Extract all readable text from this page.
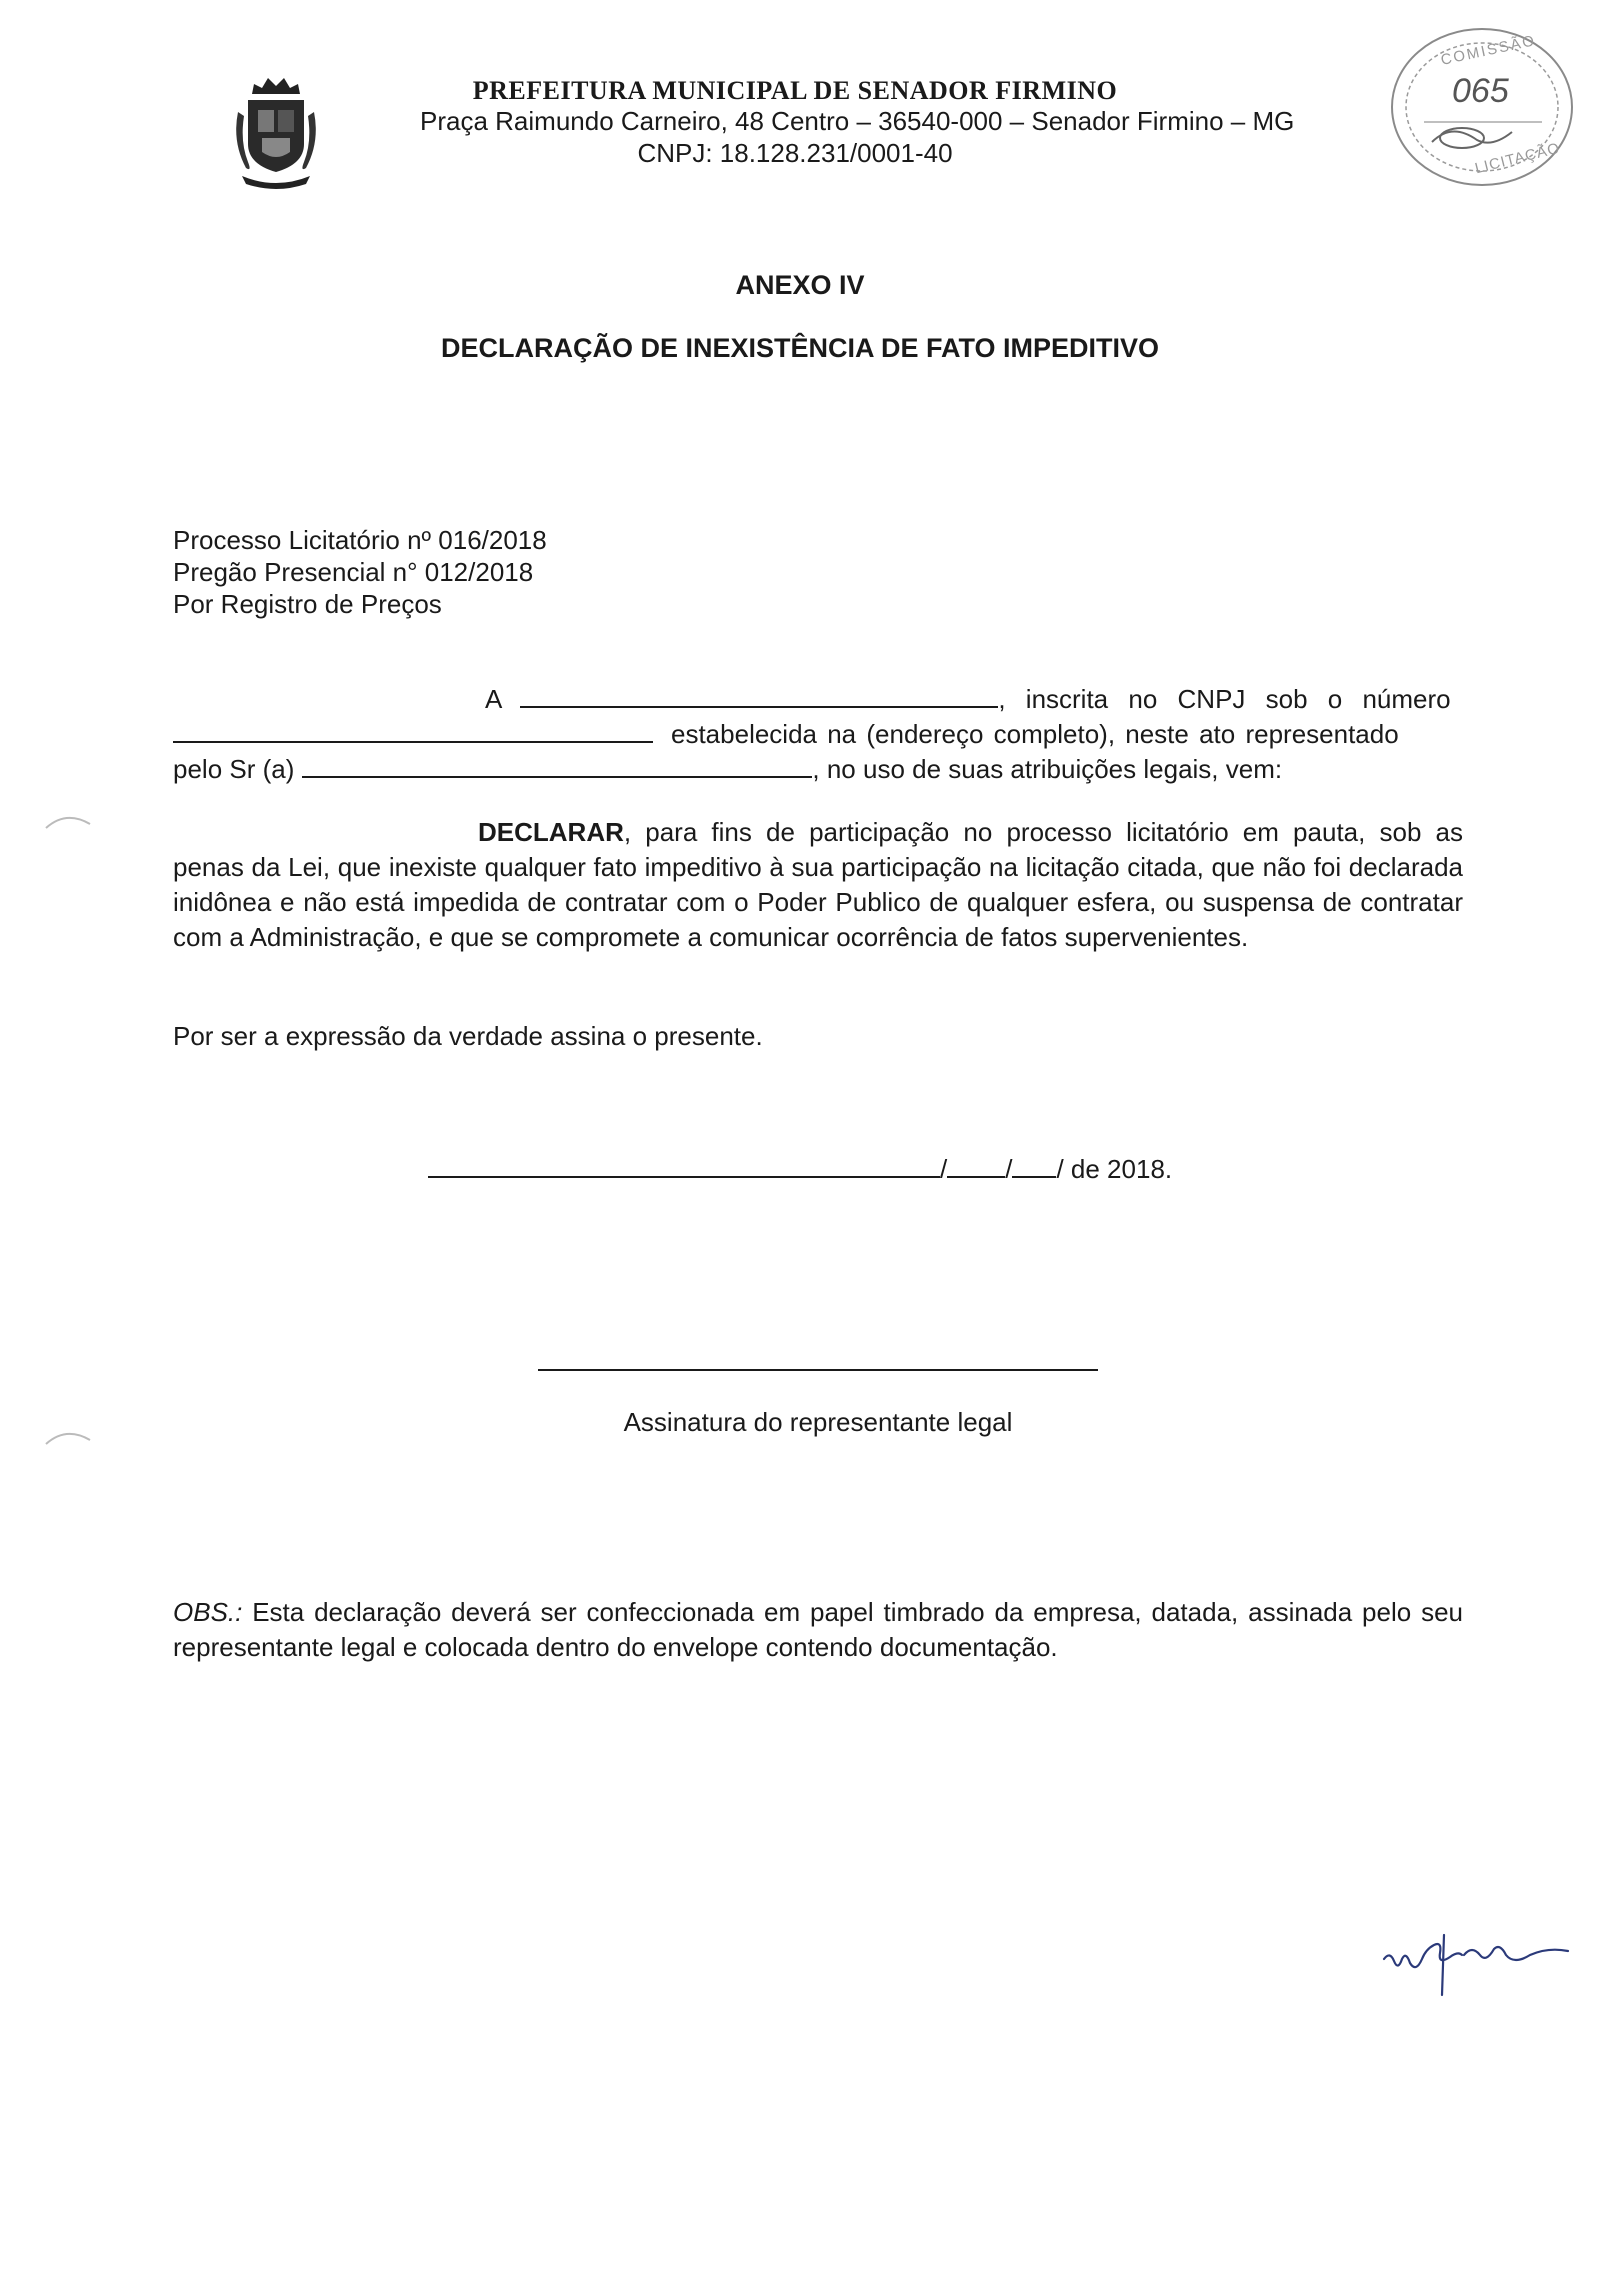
PREFEITURA MUNICIPAL DE SENADOR FIRMINO
Praça Raimundo Carneiro, 48 Centro – 36540-000 – Senador Firmino – MG
CNPJ: 18.128.231/0001-40
COMISSÃO
065
LICITAÇÃO
ANEXO IV
DECLARAÇÃO DE INEXISTÊNCIA DE FATO IMPEDITIVO
Processo Licitatório nº 016/2018
Pregão Presencial n° 012/2018
Por Registro de Preços
A	, inscrita no CNPJ sob o número
estabelecida na (endereço completo), neste ato representado
pelo Sr (a)	, no uso de suas atribuições legais, vem:
DECLARAR, para fins de participação no processo licitatório em pauta, sob as penas da Lei, que inexiste qualquer fato impeditivo à sua participação na licitação citada, que não foi declarada inidônea e não está impedida de contratar com o Poder Publico de qualquer esfera, ou suspensa de contratar com a Administração, e que se compromete a comunicar ocorrência de fatos supervenientes.
Por ser a expressão da verdade assina o presente.
/ / / de 2018.
Assinatura do representante legal
OBS.: Esta declaração deverá ser confeccionada em papel timbrado da empresa, datada, assinada pelo seu representante legal e colocada dentro do envelope contendo documentação.
